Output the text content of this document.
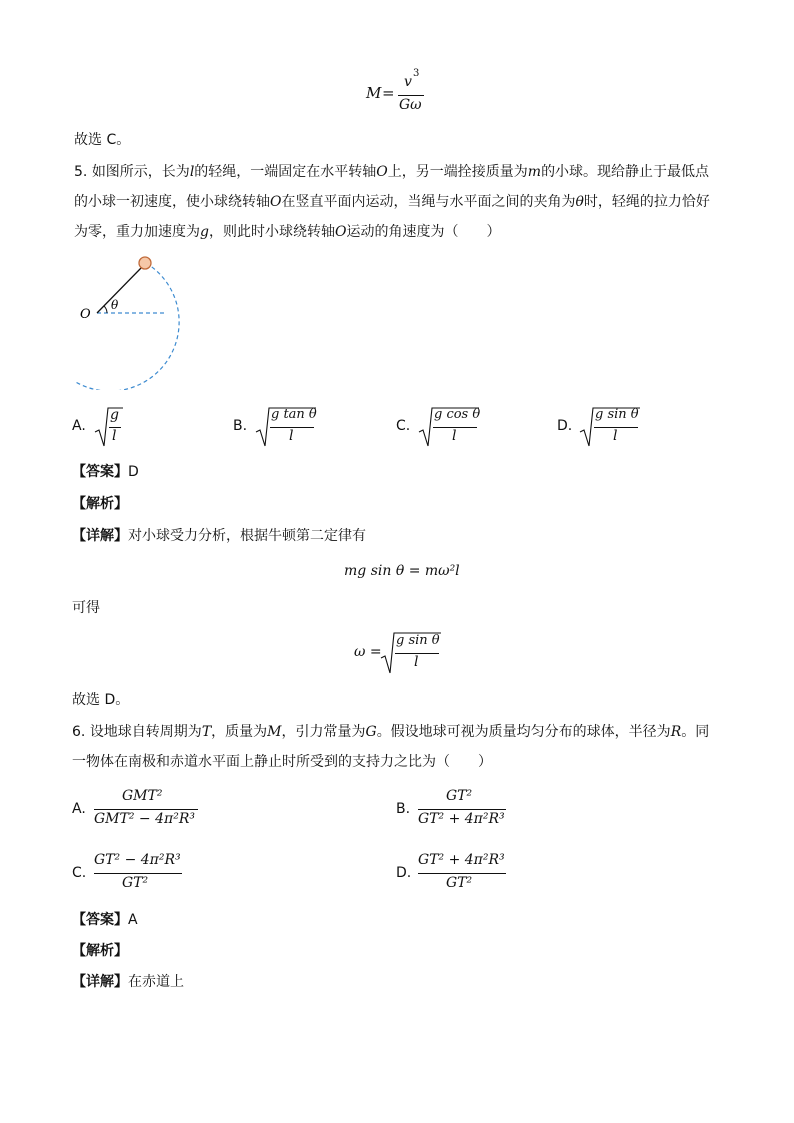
M =
v
3
Gω
故选 C。
5. 如图所示，长为l的轻绳，一端固定在水平转轴O上，另一端拴接质量为m的小球。现给静止于最低点
的小球一初速度，使小球绕转轴O在竖直平面内运动，当绳与水平面之间的夹角为θ时，轻绳的拉力恰好
为零，重力加速度为g，则此时小球绕转轴O运动的角速度为（　　）
O
θ
A.
g
l
B.
g tan θ
l
C.
g cos θ
l
D.
g sin θ
l
【答案】D
【解析】
【详解】对小球受力分析，根据牛顿第二定律有
mg sin θ = mω²l
可得
ω =
g sin θ
l
故选 D。
6. 设地球自转周期为T，质量为M，引力常量为G。假设地球可视为质量均匀分布的球体，半径为R。同
一物体在南极和赤道水平面上静止时所受到的支持力之比为（　　）
A.
GMT²
GMT² − 4π²R³
B.
GT²
GT² + 4π²R³
C.
GT² − 4π²R³
GT²
D.
GT² + 4π²R³
GT²
【答案】A
【解析】
【详解】在赤道上
